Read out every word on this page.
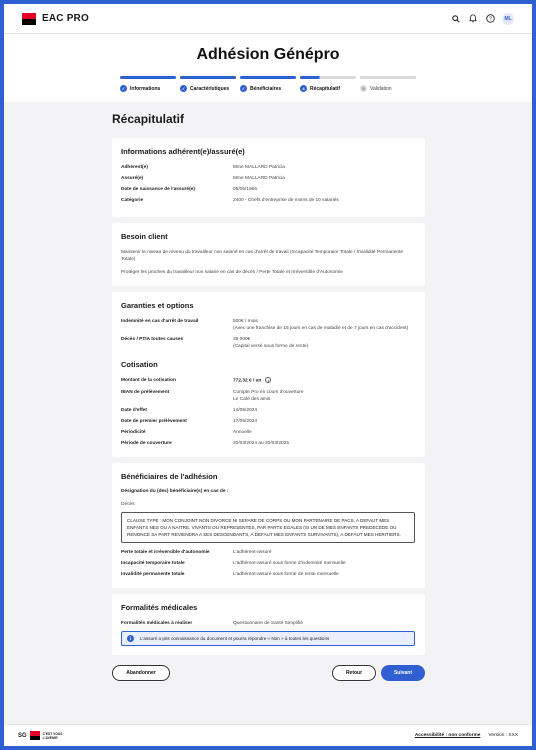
EAC PRO	?	ML
Adhésion Génépro
✓ Informations	✓ Caractéristiques	✓ Bénéficiaires	4	Récapitulatif	5	Validation
Récapitulatif
Informations adhérent(e)/assuré(e)
Adhérent(e)	Mme MALLARD Patricia
Assuré(e)	Mme MALLARD Patricia
Date de naissance de l'assuré(e)	05/05/1965
Catégorie	2400 - Chefs d'entreprise de moins de 10 salariés
Besoin client

Maintenir le niveau de revenu du travailleur non salarié en cas d'arrêt de travail (Incapacité Temporaire Totale / Invalidité Permanente Totale)

Protéger les proches du travailleur non salarié en cas de décès / Perte Totale et Irréversible d'Autonomie

Garanties et options
Indemnité en cas d'arrêt de travail	500€ / mois
(Avec une franchise de 15 jours en cas de maladie et de 7 jours en cas d'accident)
Décès / PTIA toutes causes	35 000€
(Capital versé sous forme de rente)
Cotisation
Montant de la cotisation	772,32 € / an i
IBAN de prélèvement	Compte Pro en cours d'ouverture
Le Café des amis
Date d'effet	14/05/2024
Date de premier prélèvement	17/05/2024
Périodicité	Annuelle
Période de couverture	20/03/2024 au 20/03/2025
Bénéficiaires de l'adhésion
Désignation du (des) bénéficiaire(s) en cas de :
Décès
CLAUSE TYPE : MON CONJOINT NON DIVORCE NI SEPARE DE CORPS OU MON PARTENAIRE DE PACS, A DEFAUT MES ENFANTS NES OU A NAITRE, VIVANTS OU REPRESENTES, PAR PARTS EGALES (SI UN DE MES ENFANTS PREDECEDE OU RENONCE SA PART REVIENDRA A SES DESCENDANTS, A DEFAUT MES ENFANTS SURVIVANTS), A DEFAUT MES HERITIERS.
Perte totale et irréversible d'autonomie	L'adhérent-assuré
Incapacité temporaire totale	L'adhérent-assuré sous forme d'indemnité mensuelle
Invalidité permanente totale	L'adhérent-assuré sous forme de rente mensuelle
Formalités médicales
Formalités médicales à réaliser	Questionnaire de Santé Simplifié
i	L'assuré a pris connaissance du document et pourra répondre « Non » à toutes les questions
Abandonner	Retour	Suivant
SG	C'EST VOUS
L'AVENIR	Accessibilité : non conforme Version : XXX
